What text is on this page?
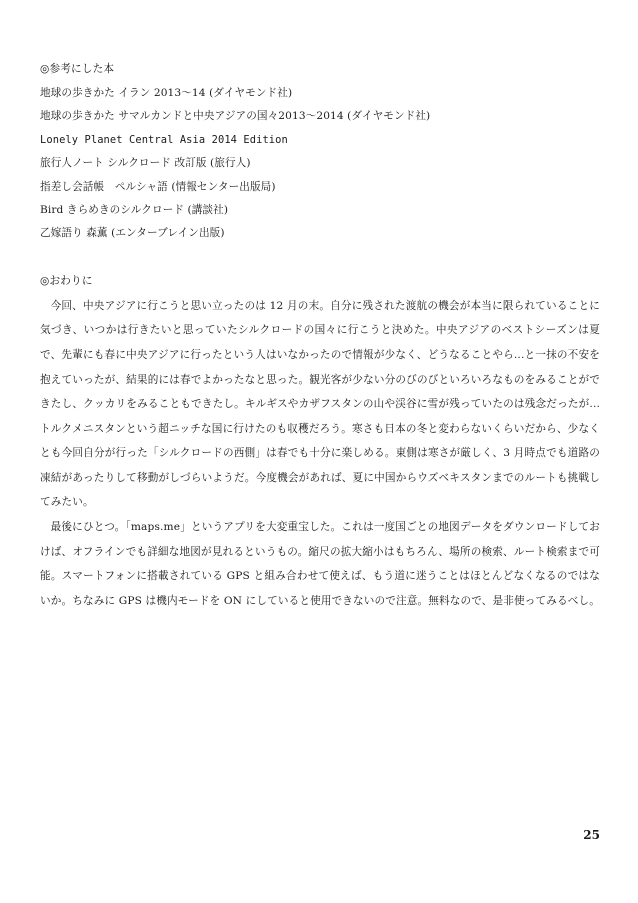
◎参考にした本
地球の歩きかた イラン 2013～14 (ダイヤモンド社)
地球の歩きかた サマルカンドと中央アジアの国々2013～2014 (ダイヤモンド社)
Lonely Planet Central Asia 2014 Edition
旅行人ノート シルクロード 改訂版 (旅行人)
指差し会話帳　ペルシャ語 (情報センター出版局)
Bird きらめきのシルクロード (講談社)
乙嫁語り 森薫 (エンターブレイン出版)
◎おわりに

今回、中央アジアに行こうと思い立ったのは 12 月の末。自分に残された渡航の機会が本当に限られていることに気づき、いつかは行きたいと思っていたシルクロードの国々に行こうと決めた。中央アジアのベストシーズンは夏で、先輩にも春に中央アジアに行ったという人はいなかったので情報が少なく、どうなることやら...と一抹の不安を抱えていったが、結果的には春でよかったなと思った。観光客が少ない分のびのびといろいろなものをみることができたし、クッカリをみることもできたし。キルギスやカザフスタンの山や渓谷に雪が残っていたのは残念だったが... トルクメニスタンという超ニッチな国に行けたのも収穫だろう。寒さも日本の冬と変わらないくらいだから、少なくとも今回自分が行った「シルクロードの西側」は春でも十分に楽しめる。東側は寒さが厳しく、3 月時点でも道路の凍結があったりして移動がしづらいようだ。今度機会があれば、夏に中国からウズベキスタンまでのルートも挑戦してみたい。

最後にひとつ。「maps.me」というアプリを大変重宝した。これは一度国ごとの地図データをダウンロードしておけば、オフラインでも詳細な地図が見れるというもの。縮尺の拡大縮小はもちろん、場所の検索、ルート検索まで可能。スマートフォンに搭載されている GPS と組み合わせて使えば、もう道に迷うことはほとんどなくなるのではないか。ちなみに GPS は機内モードを ON にしていると使用できないので注意。無料なので、是非使ってみるべし。

25
